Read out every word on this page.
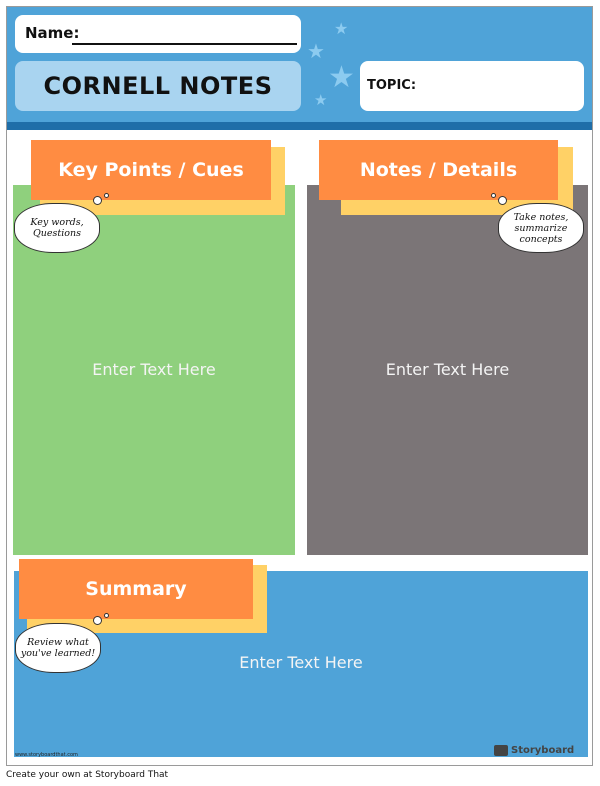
Name:
CORNELL NOTES	TOPIC:
★
★
★
★
Enter Text Here
Key Points / Cues
Key words, Questions
Enter Text Here
Notes / Details
Take notes, summarize concepts
Enter Text Here
Summary
Review what you've learned!
www.storyboardthat.com	Storyboard
Create your own at Storyboard That
